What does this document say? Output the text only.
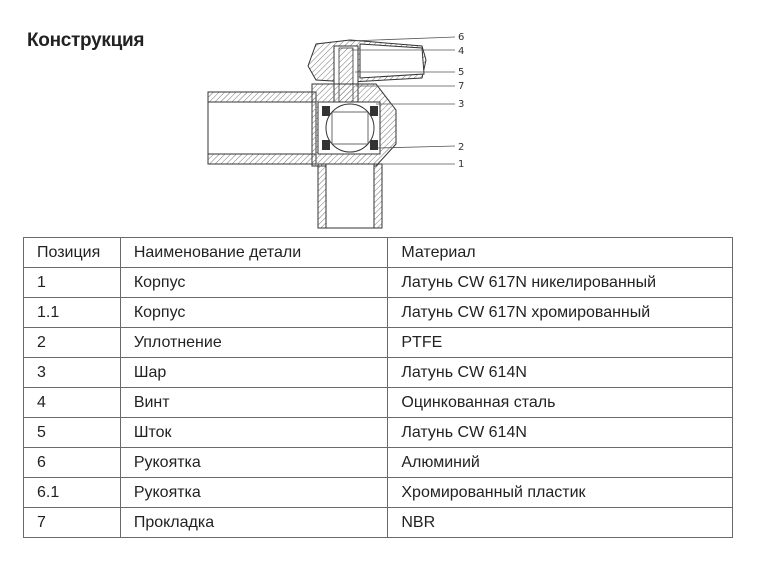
Конструкция	6
4
5
7
3
2
1
Позиция	Наименование детали	Материал
1	Корпус	Латунь CW 617N никелированный
1.1	Корпус	Латунь CW 617N хромированный
2	Уплотнение	PTFE
3	Шар	Латунь CW 614N
4	Винт	Оцинкованная сталь
5	Шток	Латунь CW 614N
6	Рукоятка	Алюминий
6.1	Рукоятка	Хромированный пластик
7	Прокладка	NBR
